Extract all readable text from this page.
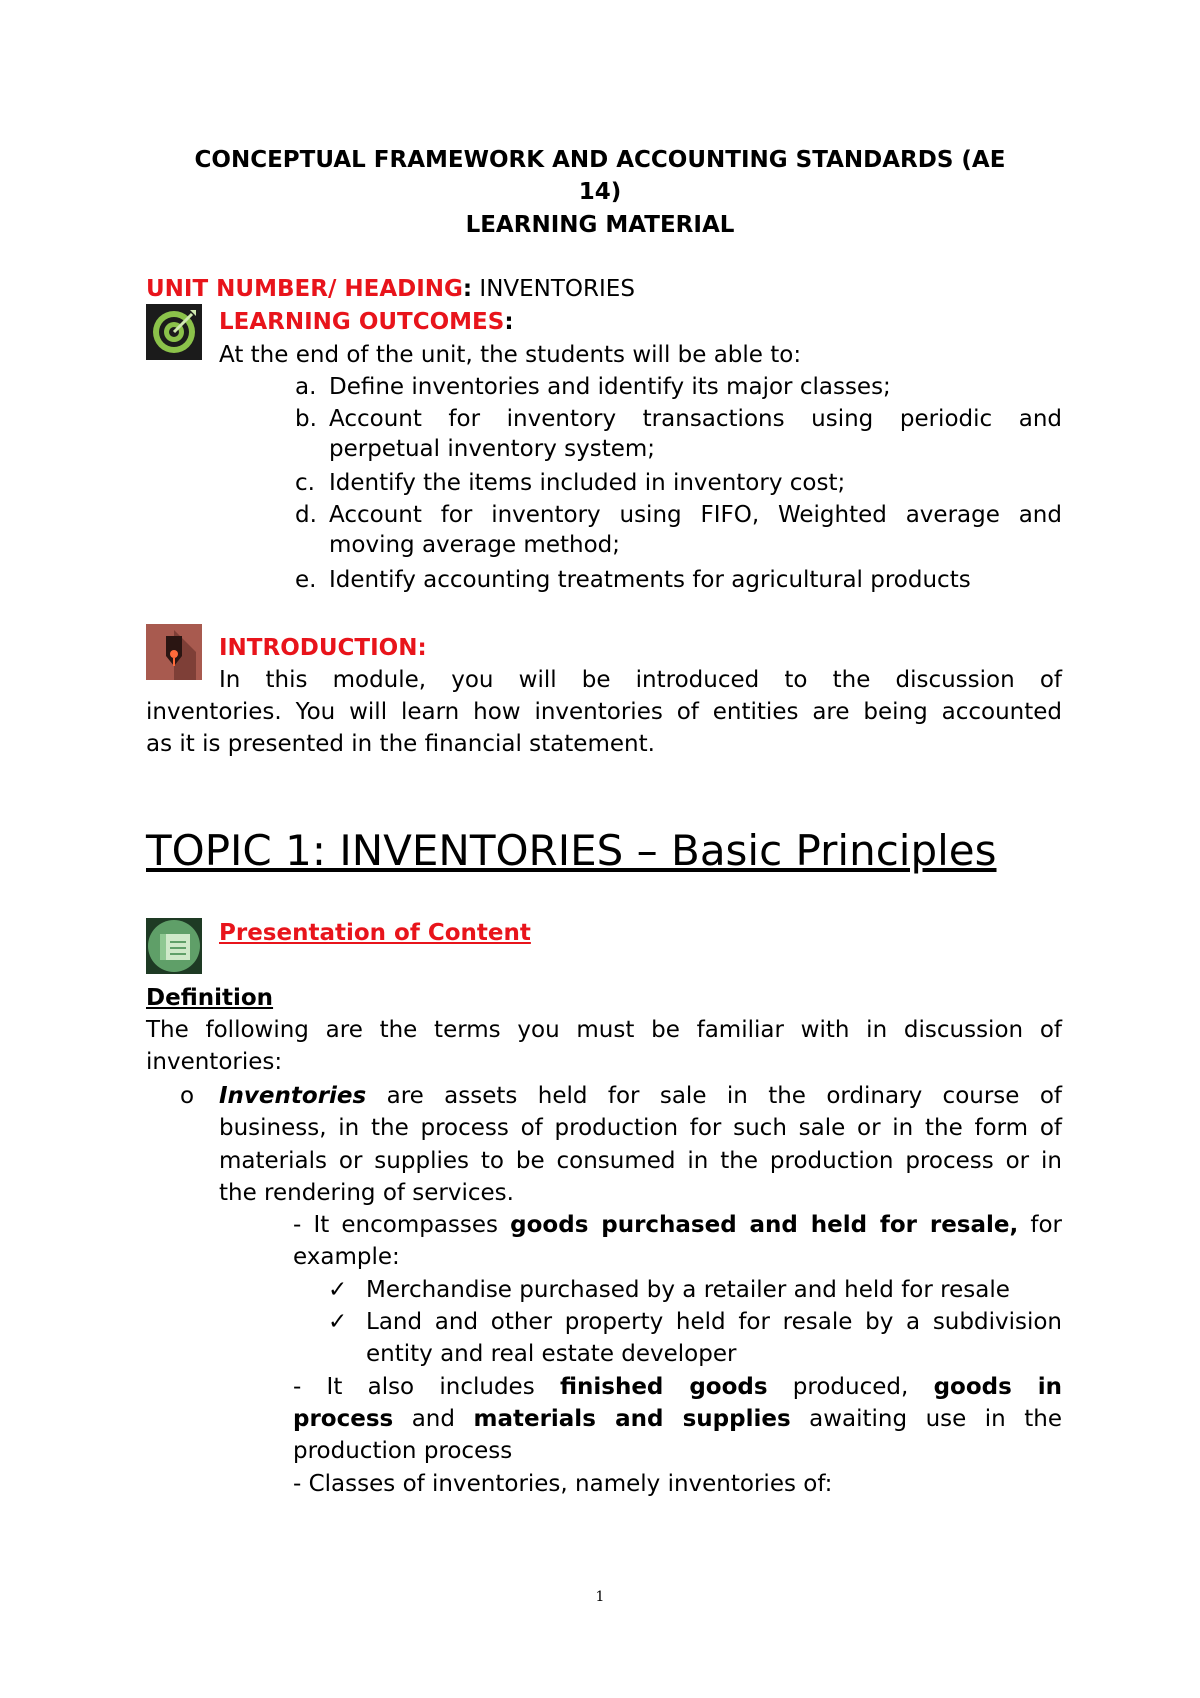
CONCEPTUAL FRAMEWORK AND ACCOUNTING STANDARDS (AE
14)
LEARNING MATERIAL
UNIT NUMBER/ HEADING: INVENTORIES
LEARNING OUTCOMES:
At the end of the unit, the students will be able to:
a. Define inventories and identify its major classes;
b. Account for inventory transactions using periodic and
perpetual inventory system;
c. Identify the items included in inventory cost;
d. Account for inventory using FIFO, Weighted average and
moving average method;
e. Identify accounting treatments for agricultural products
INTRODUCTION:
In this module, you will be introduced to the discussion of
inventories. You will learn how inventories of entities are being accounted
as it is presented in the financial statement.
TOPIC 1: INVENTORIES – Basic Principles
Presentation of Content
Definition
The following are the terms you must be familiar with in discussion of
inventories:
o Inventories are assets held for sale in the ordinary course of
business, in the process of production for such sale or in the form of
materials or supplies to be consumed in the production process or in
the rendering of services.
- It encompasses goods purchased and held for resale, for
example:
✓ Merchandise purchased by a retailer and held for resale
✓ Land and other property held for resale by a subdivision
entity and real estate developer
- It also includes finished goods produced, goods in
process and materials and supplies awaiting use in the
production process
- Classes of inventories, namely inventories of:
1
